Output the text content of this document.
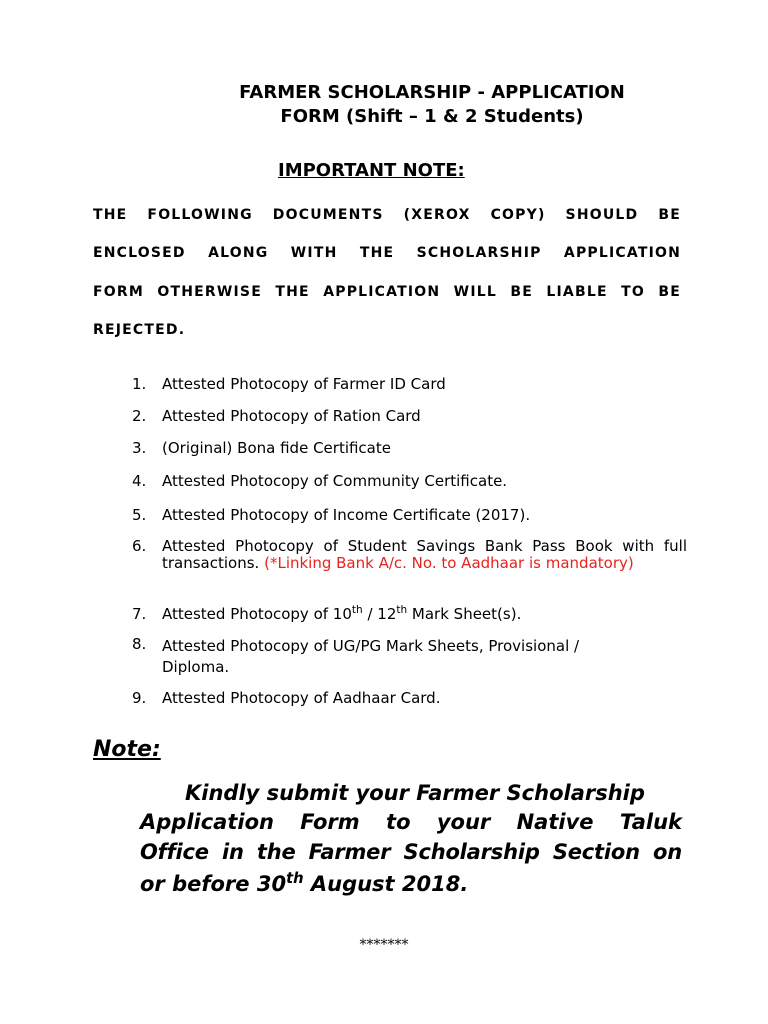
FARMER SCHOLARSHIP - APPLICATION
FORM (Shift – 1 & 2 Students)
IMPORTANT NOTE:
THE FOLLOWING DOCUMENTS (XEROX COPY) SHOULD BE
ENCLOSED ALONG WITH THE SCHOLARSHIP APPLICATION
FORM OTHERWISE THE APPLICATION WILL BE LIABLE TO BE
REJECTED.
1. Attested Photocopy of Farmer ID Card
2. Attested Photocopy of Ration Card
3. (Original) Bona fide Certificate
4. Attested Photocopy of Community Certificate.
5. Attested Photocopy of Income Certificate (2017).
6. Attested Photocopy of Student Savings Bank Pass Book with full transactions. (*Linking Bank A/c. No. to Aadhaar is mandatory)
7. Attested Photocopy of 10th / 12th Mark Sheet(s).
8. Attested Photocopy of UG/PG Mark Sheets, Provisional /
Diploma.
9. Attested Photocopy of Aadhaar Card.
Note:
Kindly submit your Farmer Scholarship
Application Form to your Native Taluk
Office in the Farmer Scholarship Section on
or before 30th August 2018.
*******
